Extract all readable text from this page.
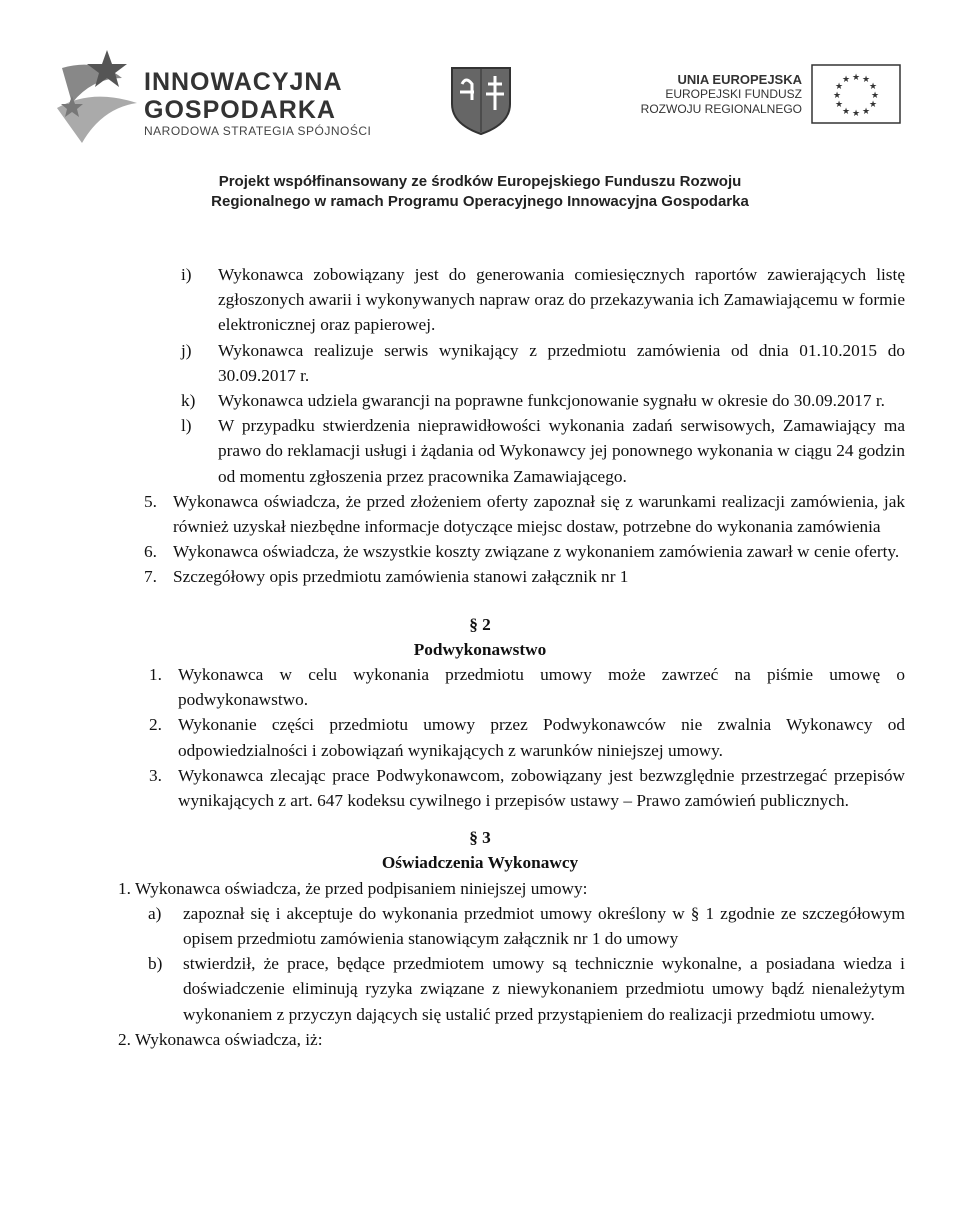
INNOWACYJNA
GOSPODARKA
NARODOWA STRATEGIA SPÓJNOŚCI
UNIA EUROPEJSKA
EUROPEJSKI FUNDUSZ
ROZWOJU REGIONALNEGO
★ ★
★
★
★
★
★
★
★
★
★
★
Projekt współfinansowany ze środków Europejskiego Funduszu Rozwoju
Regionalnego w ramach Programu Operacyjnego Innowacyjna Gospodarka
i) Wykonawca zobowiązany jest do generowania comiesięcznych raportów zawierających listę zgłoszonych awarii i wykonywanych napraw oraz do przekazywania ich Zamawiającemu w formie elektronicznej oraz papierowej.
j) Wykonawca realizuje serwis wynikający z przedmiotu zamówienia od dnia 01.10.2015 do 30.09.2017 r.
k) Wykonawca udziela gwarancji na poprawne funkcjonowanie sygnału w okresie do 30.09.2017 r.
l) W przypadku stwierdzenia nieprawidłowości wykonania zadań serwisowych, Zamawiający ma prawo do reklamacji usługi i żądania od Wykonawcy jej ponownego wykonania w ciągu 24 godzin od momentu zgłoszenia przez pracownika Zamawiającego.
5. Wykonawca oświadcza, że przed złożeniem oferty zapoznał się z warunkami realizacji zamówienia, jak również uzyskał niezbędne informacje dotyczące miejsc dostaw, potrzebne do wykonania zamówienia
6. Wykonawca oświadcza, że wszystkie koszty związane z wykonaniem zamówienia zawarł w cenie oferty.
7. Szczegółowy opis przedmiotu zamówienia stanowi załącznik nr 1
§ 2
Podwykonawstwo
1. Wykonawca w celu wykonania przedmiotu umowy może zawrzeć na piśmie umowę o podwykonawstwo.
2. Wykonanie części przedmiotu umowy przez Podwykonawców nie zwalnia Wykonawcy od odpowiedzialności i zobowiązań wynikających z warunków niniejszej umowy.
3. Wykonawca zlecając prace Podwykonawcom, zobowiązany jest bezwzględnie przestrzegać przepisów wynikających z art. 647 kodeksu cywilnego i przepisów ustawy – Prawo zamówień publicznych.
§ 3
Oświadczenia Wykonawcy
1. Wykonawca oświadcza, że przed podpisaniem niniejszej umowy:
a) zapoznał się i akceptuje do wykonania przedmiot umowy określony w § 1 zgodnie ze szczegółowym opisem przedmiotu zamówienia stanowiącym załącznik nr 1 do umowy
b) stwierdził, że prace, będące przedmiotem umowy są technicznie wykonalne, a posiadana wiedza i doświadczenie eliminują ryzyka związane z niewykonaniem przedmiotu umowy bądź nienależytym wykonaniem z przyczyn dających się ustalić przed przystąpieniem do realizacji przedmiotu umowy.
2. Wykonawca oświadcza, iż:
